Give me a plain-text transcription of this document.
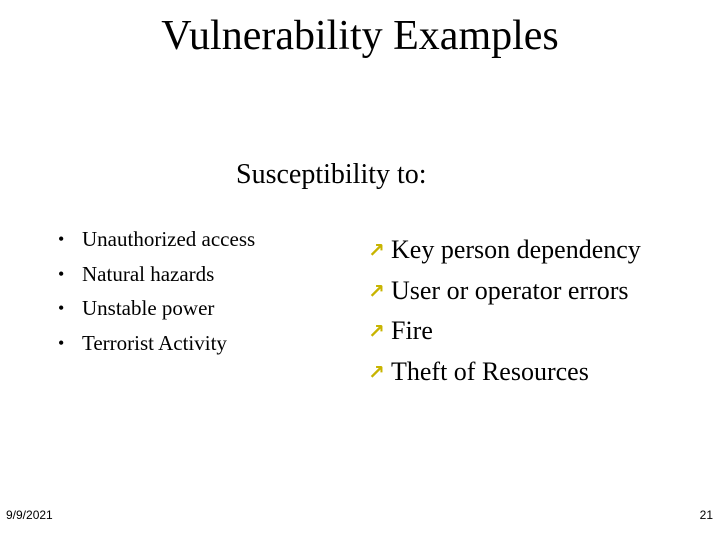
Vulnerability Examples
Susceptibility to:
• Unauthorized access
• Natural hazards
• Unstable power
• Terrorist Activity
↗ Key person dependency
↗ User or operator errors
↗ Fire
↗ Theft of Resources
9/9/2021	21
